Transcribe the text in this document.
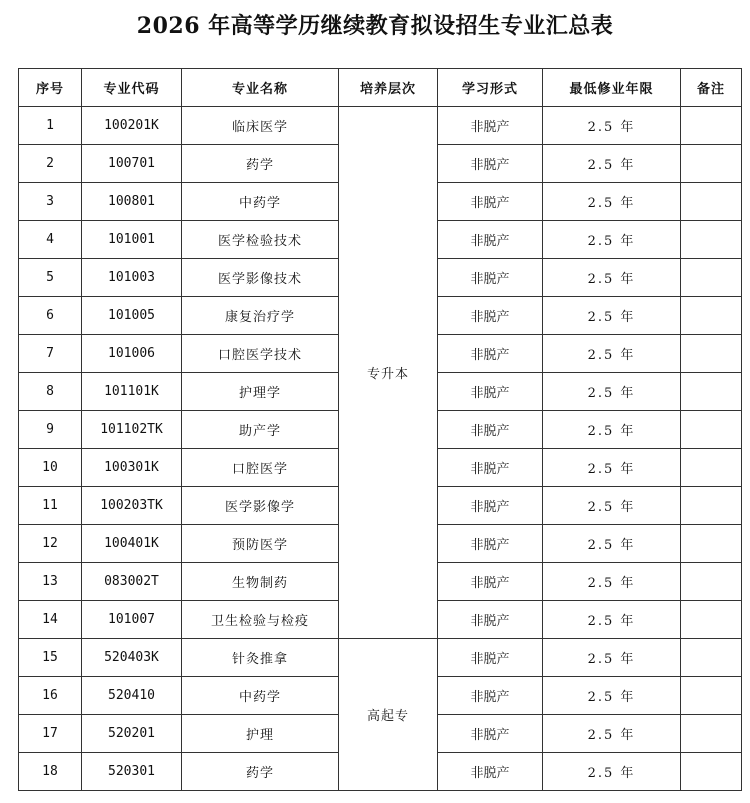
2026 年高等学历继续教育拟设招生专业汇总表
序号	专业代码	专业名称	培养层次	学习形式	最低修业年限	备注
1	100201K	临床医学	专升本	非脱产	2.5 年	
2	100701	药学		非脱产	2.5 年	
3	100801	中药学		非脱产	2.5 年	
4	101001	医学检验技术		非脱产	2.5 年	
5	101003	医学影像技术		非脱产	2.5 年	
6	101005	康复治疗学		非脱产	2.5 年	
7	101006	口腔医学技术		非脱产	2.5 年	
8	101101K	护理学		非脱产	2.5 年	
9	101102TK	助产学		非脱产	2.5 年	
10	100301K	口腔医学		非脱产	2.5 年	
11	100203TK	医学影像学		非脱产	2.5 年	
12	100401K	预防医学		非脱产	2.5 年	
13	083002T	生物制药		非脱产	2.5 年	
14	101007	卫生检验与检疫		非脱产	2.5 年	
15	520403K	针灸推拿	高起专	非脱产	2.5 年	
16	520410	中药学		非脱产	2.5 年	
17	520201	护理		非脱产	2.5 年	
18	520301	药学		非脱产	2.5 年	
